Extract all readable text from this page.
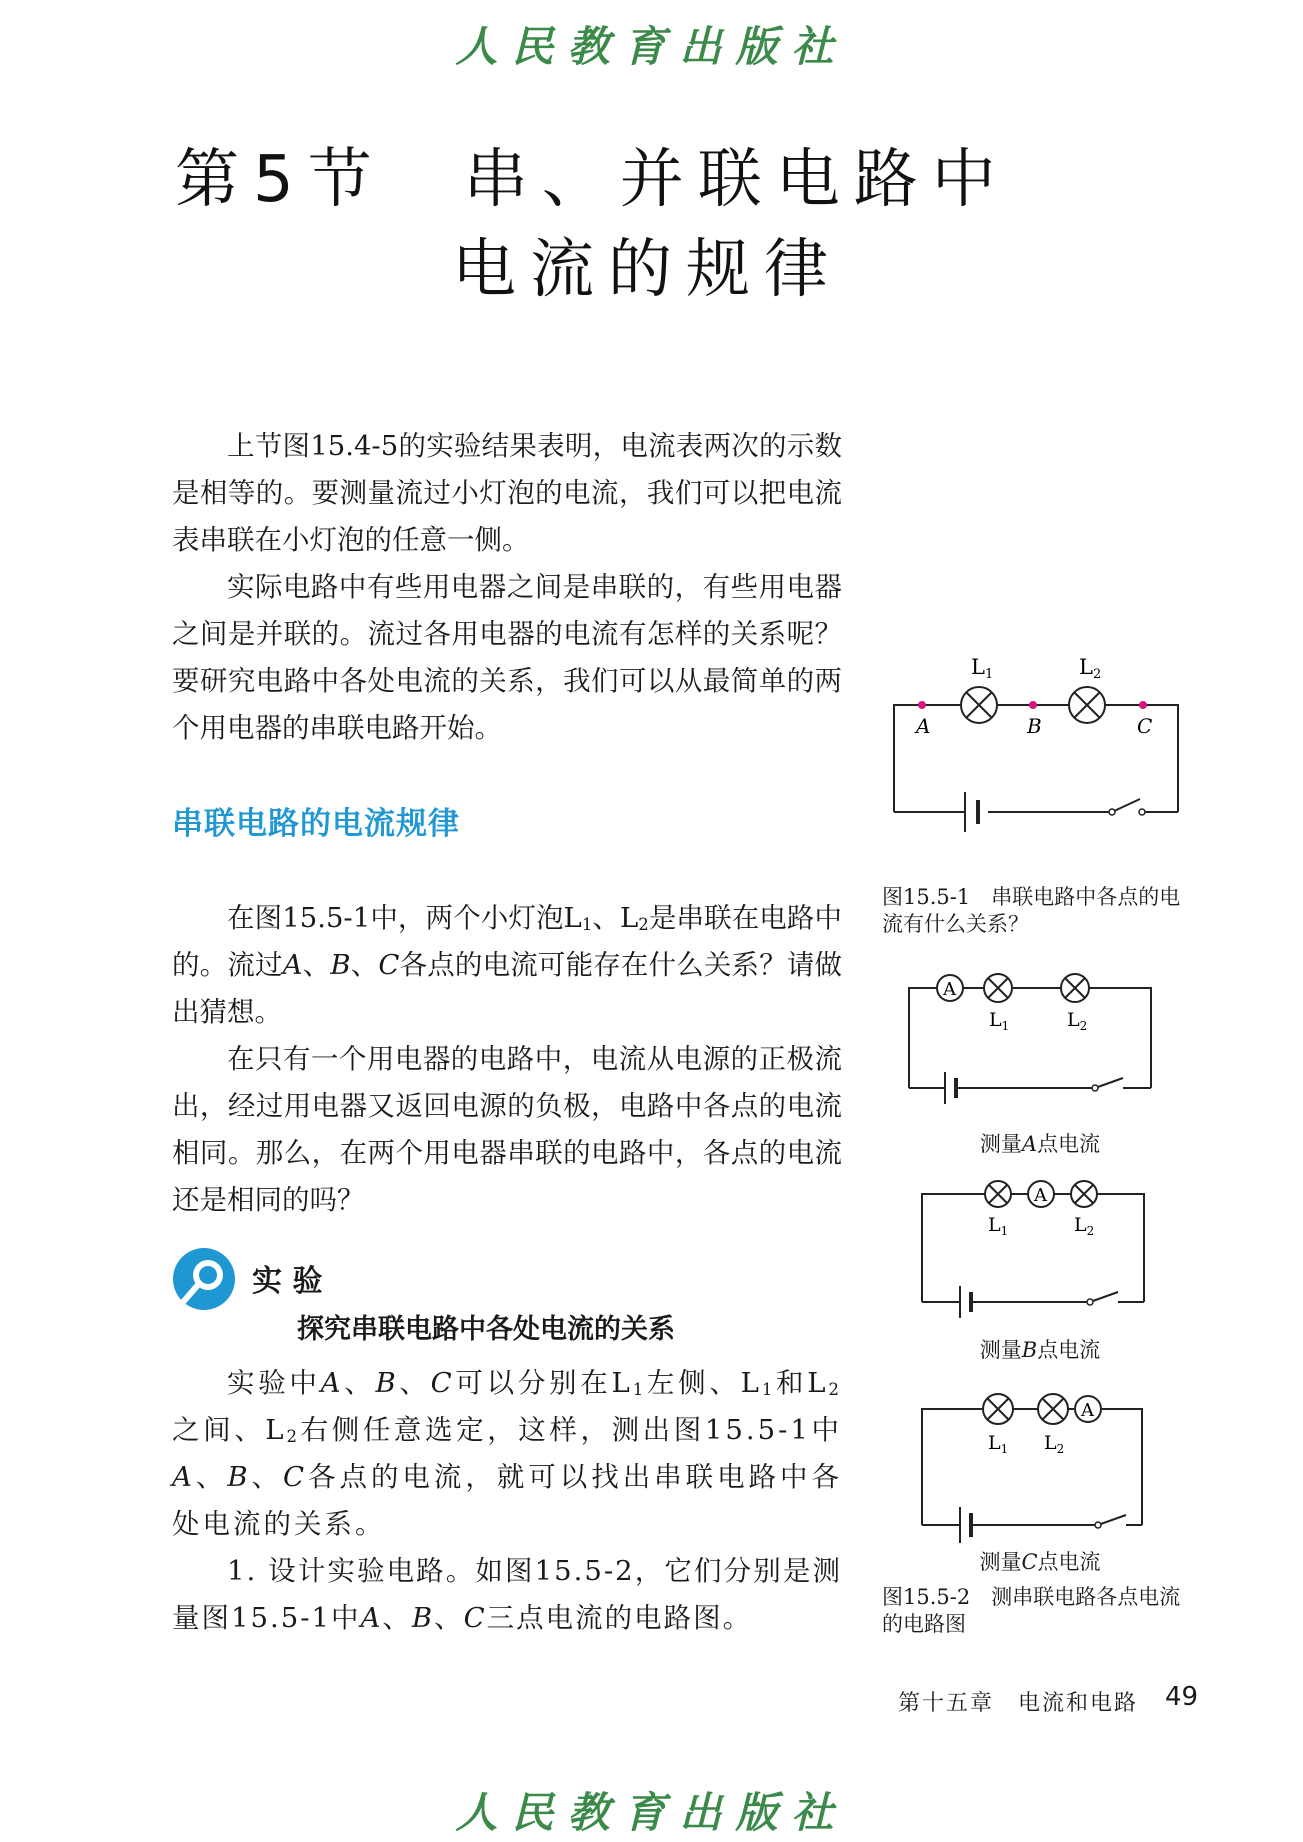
人民教育出版社
第5节　串、并联电路中
电流的规律

上节图15.4-5的实验结果表明，电流表两次的示数是相等的。要测量流过小灯泡的电流，我们可以把电流表串联在小灯泡的任意一侧。

实际电路中有些用电器之间是串联的，有些用电器之间是并联的。流过各用电器的电流有怎样的关系呢？要研究电路中各处电流的关系，我们可以从最简单的两个用电器的串联电路开始。

串联电路的电流规律

在图15.5-1中，两个小灯泡$L_1$、$L_2$是串联在电路中的。流过A、B、C各点的电流可能存在什么关系？请做出猜想。

在只有一个用电器的电路中，电流从电源的正极流出，经过用电器又返回电源的负极，电路中各点的电流相同。那么，在两个用电器串联的电路中，各点的电流还是相同的吗？

实 验
探究串联电路中各处电流的关系

实验中A、B、C可以分别在$L_1$左侧、$L_1$和$L_2$之间、$L_2$右侧任意选定，这样，测出图15.5-1中A、B、C各点的电流，就可以找出串联电路中各处电流的关系。

1. 设计实验电路。如图15.5-2，它们分别是测量图15.5-1中A、B、C三点电流的电路图。

L1	L2
A	B	C

图15.5-1　串联电路中各点的电流有什么关系？

A
$L_1$	$L_2$
测量A点电流
A
$L_1$	$L_2$
测量B点电流
A
$L_1$ $L_2$
测量C点电流

图15.5-2　测串联电路各点电流的电路图

第十五章　电流和电路 49
人民教育出版社
